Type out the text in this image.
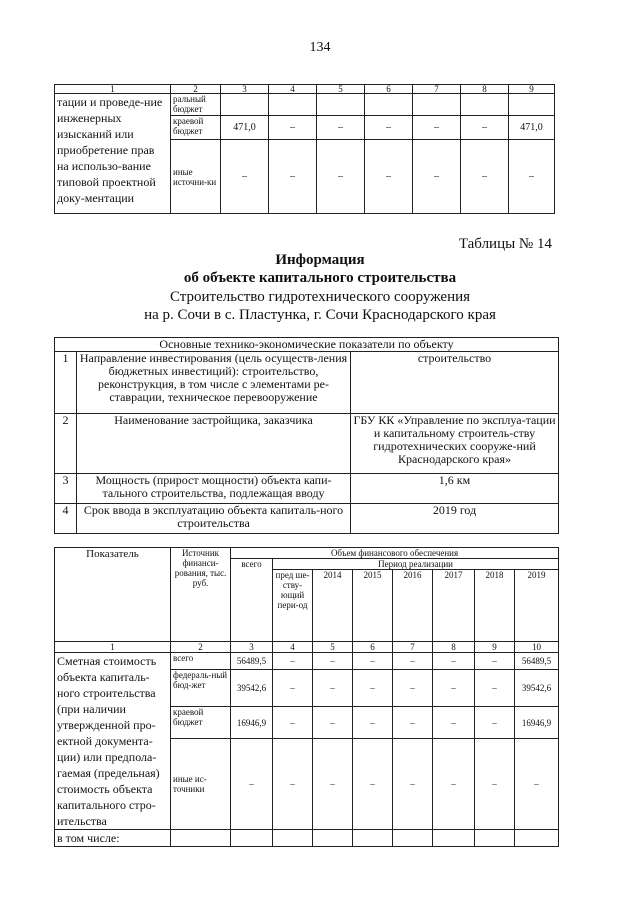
134
1	2	3	4	5	6	7	8	9
тации и проведе-ние инженерных изысканий или приобретение прав на использо-вание типовой проектной доку-ментации	ральный бюджет							
	краевой бюджет	471,0	–	–	–	–	–	471,0
	иные источни-ки	–	–	–	–	–	–	–
Таблицы № 14
Информация
об объекте капитального строительства
Строительство гидротехнического сооружения
на р. Сочи в с. Пластунка, г. Сочи Краснодарского края
Основные технико-экономические показатели по объекту		
1	Направление инвестирования (цель осуществ-ления бюджетных инвестиций): строительство, реконструкция, в том числе с элементами ре-ставрации, техническое перевооружение	строительство
2	Наименование застройщика, заказчика	ГБУ КК «Управление по эксплуа-тации и капитальному строитель-ству гидротехнических сооруже-ний Краснодарского края»
3	Мощность (прирост мощности) объекта капи-тального строительства, подлежащая вводу	1,6 км
4	Срок ввода в эксплуатацию объекта капиталь-ного строительства	2019 год
Показатель	Источник финанси-рования, тыс. руб.	Объем финансового обеспечения							
		всего	Период реализации						
			пред ше-ству-ющий пери-од	2014	2015	2016	2017	2018	2019
1	2	3	4	5	6	7	8	9	10
Сметная стоимость объекта капиталь-ного строительства (при наличии утвержденной про-ектной документа-ции) или предпола-гаемая (предельная) стоимость объекта капитального стро-ительства	всего	56489,5	–	–	–	–	–	–	56489,5
	федераль-ный бюд-жет	39542,6	–	–	–	–	–	–	39542,6
	краевой бюджет	16946,9	–	–	–	–	–	–	16946,9
	иные ис-точники	–	–	–	–	–	–	–	–
в том числе:									
